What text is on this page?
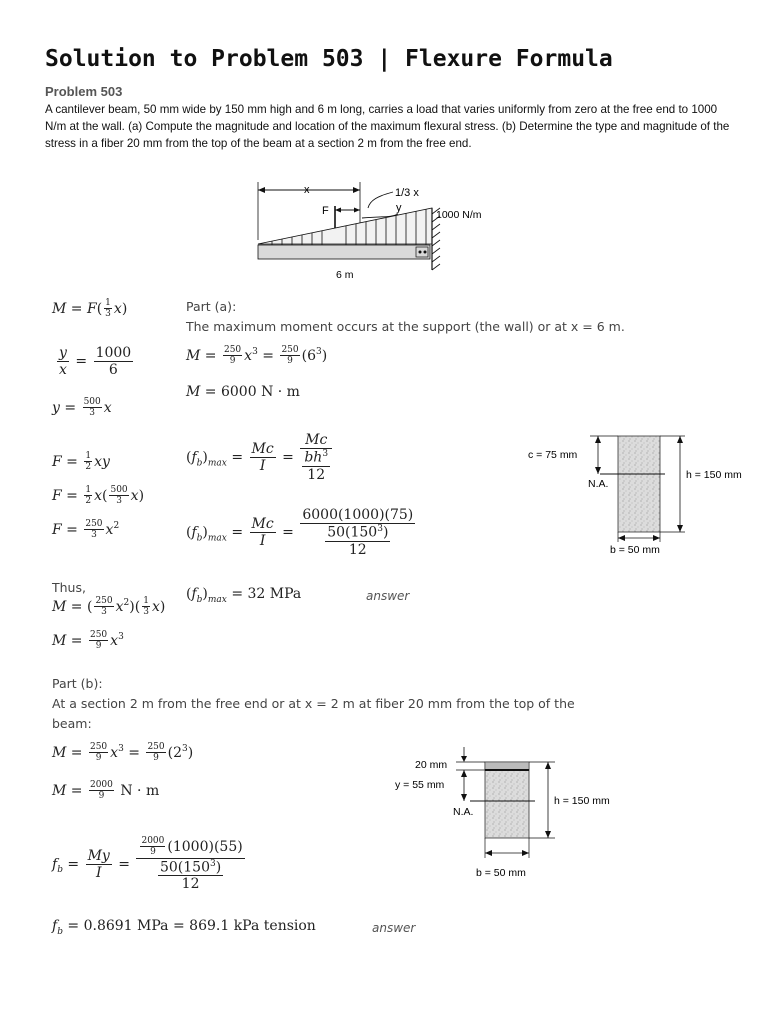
Solution to Problem 503 | Flexure Formula
Problem 503
A cantilever beam, 50 mm wide by 150 mm high and 6 m long, carries a load that varies uniformly from zero at the free end to 1000 N/m at the wall. (a) Compute the magnitude and location of the maximum flexural stress. (b) Determine the type and magnitude of the stress in a fiber 20 mm from the top of the beam at a section 2 m from the free end.
x	1/3 x
F	y
1000 N/m
6 m
$M = F( \frac{1}{3} x)$
$\frac{y}{x} = \frac{1000}{6}$
$y = \frac{500}{3}$ x
$F = \frac{1}{2}$ xy
$F = \frac{1}{2} x( \frac{500}{3} x)$
$F = \frac{250}{3} x^2$
Thus,
M = ( $\frac{250}{3} x^2)( \frac{1}{3} x)$
$M = \frac{250}{9} x^3$
Part (a):
The maximum moment occurs at the support (the wall) or at x = 6 m.
$M = \frac{250}{9} x^3 = \frac{250}{9} (6^3)$
M = 6000 N · m
$(f_b)_{max} = \frac{Mc}{I} = \frac{Mc}{\frac{bh^3}{12}}$
$(f_b)_{max} = \frac{Mc}{I} = \frac{6000(1000)(75)}{\frac{50(150^3)}{12}}$
$(f_b)_{max} = 32$ MPa	answer
c = 75 mm
N.A.
h = 150 mm
b = 50 mm
Part (b):
At a section 2 m from the free end or at x = 2 m at fiber 20 mm from the top of the
beam:
$M = \frac{250}{9} x^3 = \frac{250}{9} (2^3)$
$M = \frac{2000}{9}$ N · m
$f_b = \frac{My}{I} = \frac{\frac{2000}{9} (1000)(55)}{\frac{50(150^3)}{12}}$
$f_b = 0.8691$ MPa = 869.1 kPa tension	answer
20 mm
y = 55 mm
N.A.
h = 150 mm
b = 50 mm
